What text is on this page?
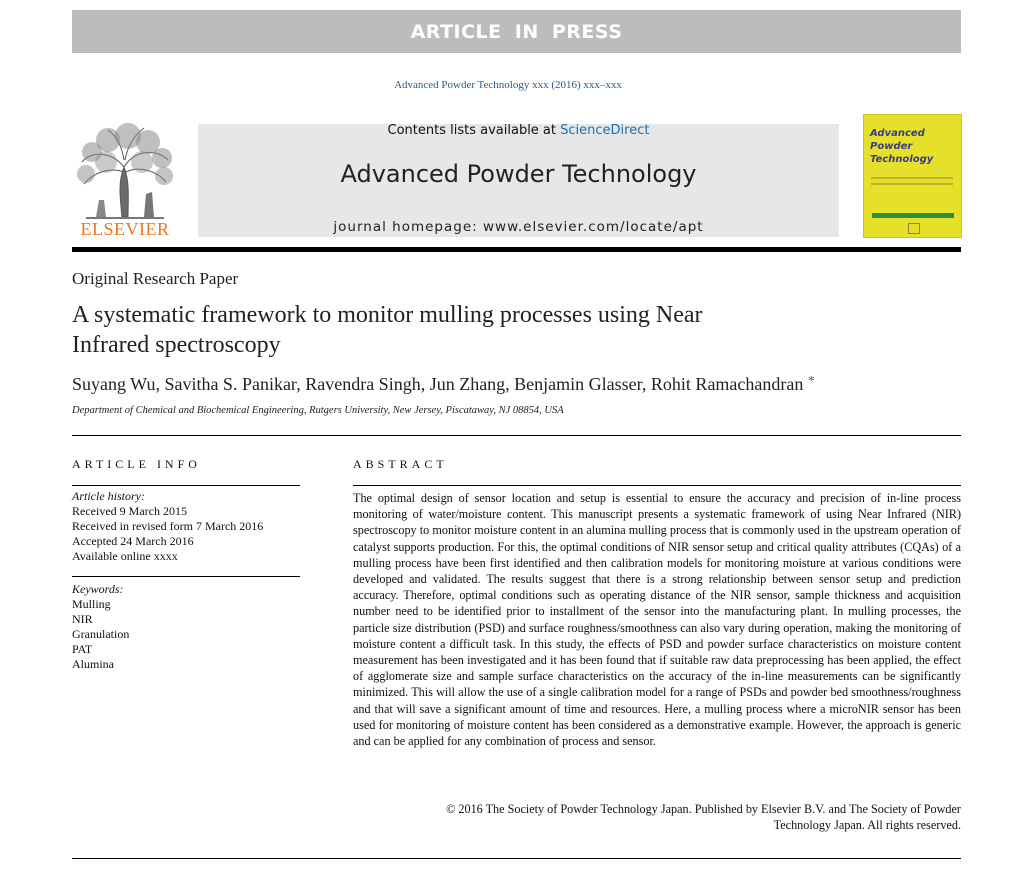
ARTICLE IN PRESS
Advanced Powder Technology xxx (2016) xxx–xxx
ELSEVIER
Contents lists available at ScienceDirect
Advanced Powder Technology
journal homepage: www.elsevier.com/locate/apt
Advanced
Powder
Technology
Original Research Paper
A systematic framework to monitor mulling processes using Near
Infrared spectroscopy
Suyang Wu, Savitha S. Panikar, Ravendra Singh, Jun Zhang, Benjamin Glasser, Rohit Ramachandran *
Department of Chemical and Biochemical Engineering, Rutgers University, New Jersey, Piscataway, NJ 08854, USA
ARTICLE INFO	ABSTRACT
Article history:
Received 9 March 2015
Received in revised form 7 March 2016
Accepted 24 March 2016
Available online xxxx
Keywords:
Mulling
NIR
Granulation
PAT
Alumina
The optimal design of sensor location and setup is essential to ensure the accuracy and precision of in-line process monitoring of water/moisture content. This manuscript presents a systematic framework of using Near Infrared (NIR) spectroscopy to monitor moisture content in an alumina mulling process that is commonly used in the upstream operation of catalyst supports production. For this, the optimal conditions of NIR sensor setup and critical quality attributes (CQAs) of a mulling process have been first identified and then calibration models for monitoring moisture at various conditions were developed and validated. The results suggest that there is a strong relationship between sensor setup and prediction accuracy. Therefore, optimal conditions such as operating distance of the NIR sensor, sample thickness and acquisition number need to be identified prior to installment of the sensor into the manufacturing plant. In mulling processes, the particle size distribution (PSD) and surface roughness/smoothness can also vary during operation, making the monitoring of moisture content a difficult task. In this study, the effects of PSD and powder surface characteristics on moisture content measurement has been investigated and it has been found that if suitable raw data preprocessing has been applied, the effect of agglomerate size and sample surface characteristics on the accuracy of the in-line measurements can be significantly minimized. This will allow the use of a single calibration model for a range of PSDs and powder bed smoothness/roughness and that will save a significant amount of time and resources. Here, a mulling process where a microNIR sensor has been used for monitoring of moisture content has been considered as a demonstrative example. However, the approach is generic and can be applied for any combination of process and sensor.
© 2016 The Society of Powder Technology Japan. Published by Elsevier B.V. and The Society of Powder
Technology Japan. All rights reserved.
